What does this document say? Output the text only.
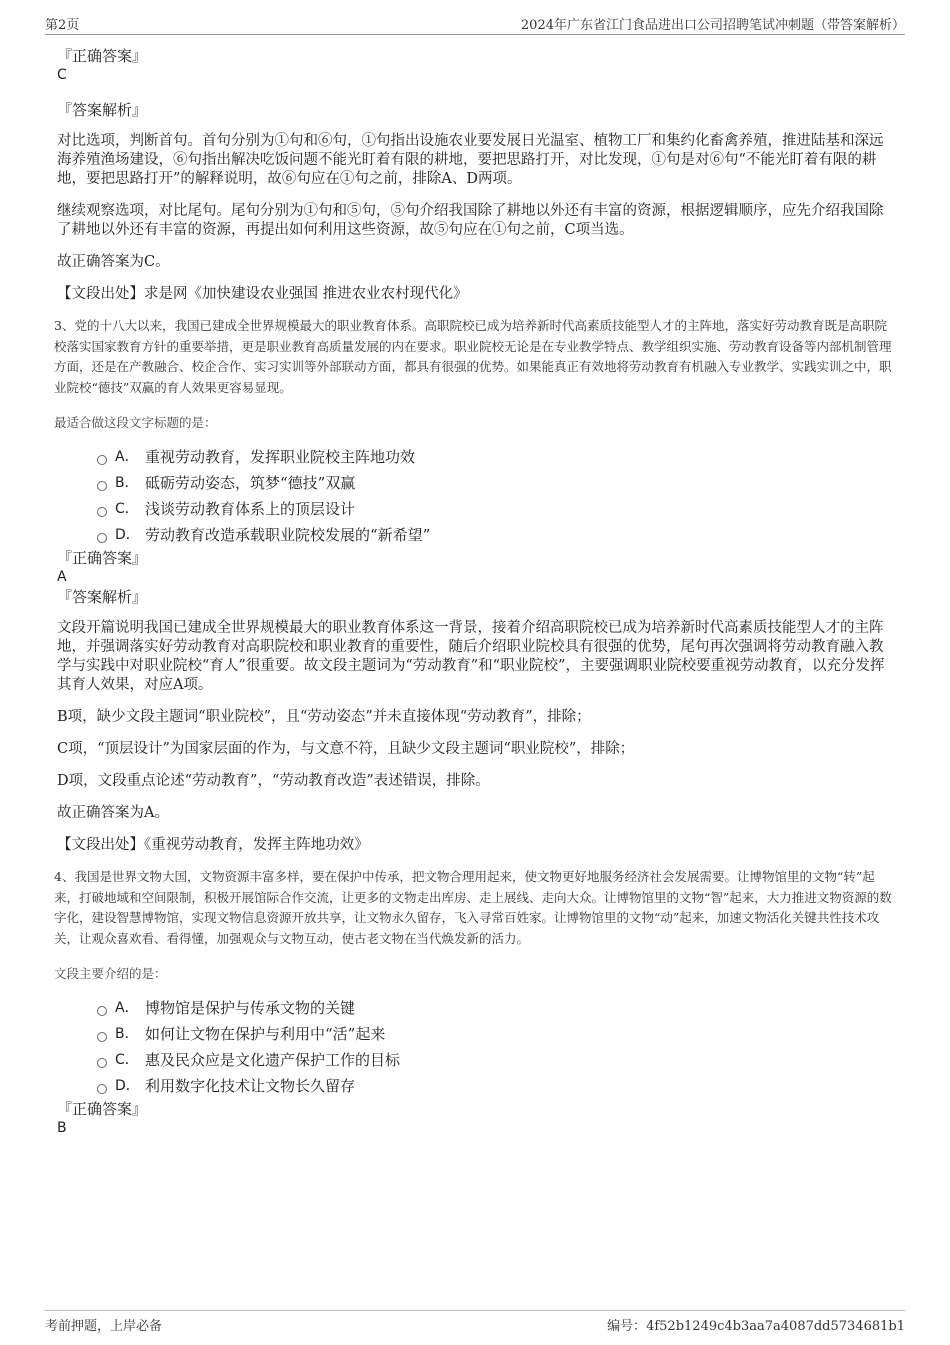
第2页	2024年广东省江门食品进出口公司招聘笔试冲刺题（带答案解析）

『正确答案』

C

『答案解析』

对比选项，判断首句。首句分别为①句和⑥句，①句指出设施农业要发展日光温室、植物工厂和集约化畜禽养殖，推进陆基和深远海养殖渔场建设，⑥句指出解决吃饭问题不能光盯着有限的耕地，要把思路打开，对比发现，①句是对⑥句“不能光盯着有限的耕地，要把思路打开”的解释说明，故⑥句应在①句之前，排除A、D两项。

继续观察选项，对比尾句。尾句分别为①句和⑤句，⑤句介绍我国除了耕地以外还有丰富的资源，根据逻辑顺序，应先介绍我国除了耕地以外还有丰富的资源，再提出如何利用这些资源，故⑤句应在①句之前，C项当选。

故正确答案为C。

【文段出处】求是网《加快建设农业强国 推进农业农村现代化》

3、党的十八大以来，我国已建成全世界规模最大的职业教育体系。高职院校已成为培养新时代高素质技能型人才的主阵地，落实好劳动教育既是高职院校落实国家教育方针的重要举措，更是职业教育高质量发展的内在要求。职业院校无论是在专业教学特点、教学组织实施、劳动教育设备等内部机制管理方面，还是在产教融合、校企合作、实习实训等外部联动方面，都具有很强的优势。如果能真正有效地将劳动教育有机融入专业教学、实践实训之中，职业院校“德技”双赢的育人效果更容易显现。

最适合做这段文字标题的是：

A． 重视劳动教育，发挥职业院校主阵地功效
B． 砥砺劳动姿态，筑梦“德技”双赢
C． 浅谈劳动教育体系上的顶层设计
D． 劳动教育改造承载职业院校发展的“新希望”

『正确答案』

A

『答案解析』

文段开篇说明我国已建成全世界规模最大的职业教育体系这一背景，接着介绍高职院校已成为培养新时代高素质技能型人才的主阵地，并强调落实好劳动教育对高职院校和职业教育的重要性，随后介绍职业院校具有很强的优势，尾句再次强调将劳动教育融入教学与实践中对职业院校“育人”很重要。故文段主题词为“劳动教育”和“职业院校”，主要强调职业院校要重视劳动教育，以充分发挥其育人效果，对应A项。

B项，缺少文段主题词“职业院校”，且“劳动姿态”并未直接体现“劳动教育”，排除；

C项，“顶层设计”为国家层面的作为，与文意不符，且缺少文段主题词“职业院校”，排除；

D项，文段重点论述“劳动教育”，“劳动教育改造”表述错误，排除。

故正确答案为A。

【文段出处】《重视劳动教育，发挥主阵地功效》

4、我国是世界文物大国，文物资源丰富多样，要在保护中传承，把文物合理用起来，使文物更好地服务经济社会发展需要。让博物馆里的文物“转”起来，打破地域和空间限制，积极开展馆际合作交流，让更多的文物走出库房、走上展线、走向大众。让博物馆里的文物“智”起来，大力推进文物资源的数字化，建设智慧博物馆，实现文物信息资源开放共享，让文物永久留存，飞入寻常百姓家。让博物馆里的文物“动”起来，加速文物活化关键共性技术攻关，让观众喜欢看、看得懂，加强观众与文物互动，使古老文物在当代焕发新的活力。

文段主要介绍的是：

A． 博物馆是保护与传承文物的关键
B． 如何让文物在保护与利用中“活”起来
C． 惠及民众应是文化遗产保护工作的目标
D． 利用数字化技术让文物长久留存

『正确答案』

B

考前押题，上岸必备	编号：4f52b1249c4b3aa7a4087dd5734681b1
